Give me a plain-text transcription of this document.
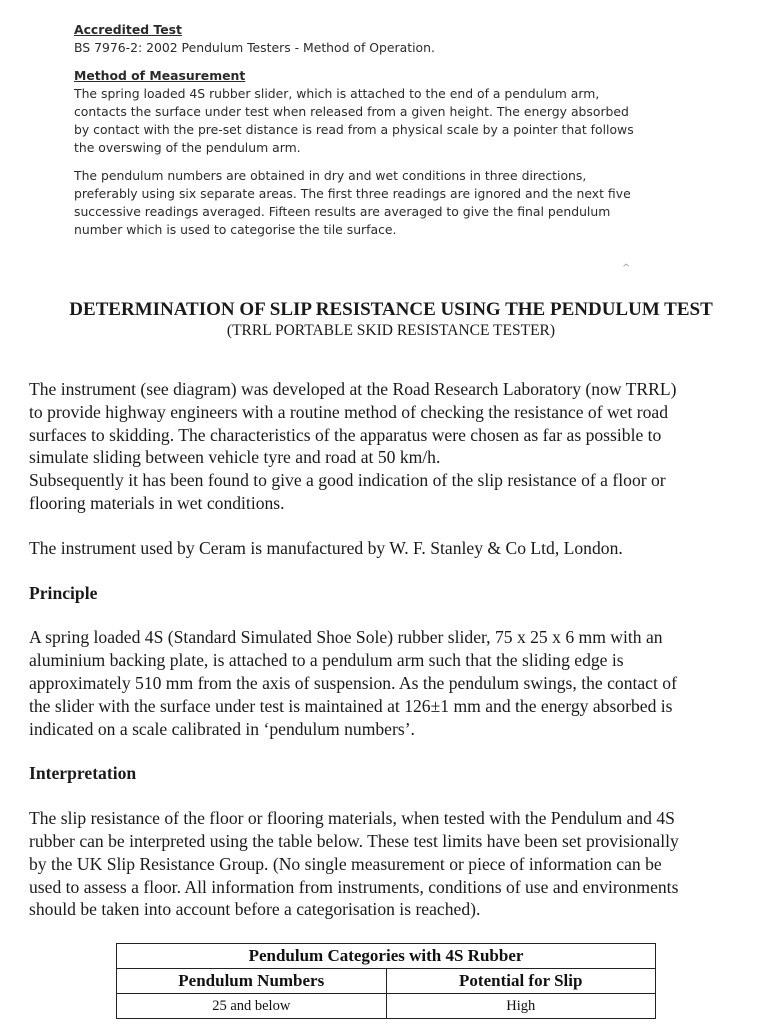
Accredited Test
BS 7976-2: 2002 Pendulum Testers - Method of Operation.
Method of Measurement
The spring loaded 4S rubber slider, which is attached to the end of a pendulum arm,
contacts the surface under test when released from a given height. The energy absorbed
by contact with the pre-set distance is read from a physical scale by a pointer that follows
the overswing of the pendulum arm.
The pendulum numbers are obtained in dry and wet conditions in three directions,
preferably using six separate areas. The first three readings are ignored and the next five
successive readings averaged. Fifteen results are averaged to give the final pendulum
number which is used to categorise the tile surface.
^
DETERMINATION OF SLIP RESISTANCE USING THE PENDULUM TEST
(TRRL PORTABLE SKID RESISTANCE TESTER)
The instrument (see diagram) was developed at the Road Research Laboratory (now TRRL)
to provide highway engineers with a routine method of checking the resistance of wet road
surfaces to skidding. The characteristics of the apparatus were chosen as far as possible to
simulate sliding between vehicle tyre and road at 50 km/h.
Subsequently it has been found to give a good indication of the slip resistance of a floor or
flooring materials in wet conditions.
The instrument used by Ceram is manufactured by W. F. Stanley & Co Ltd, London.
Principle
A spring loaded 4S (Standard Simulated Shoe Sole) rubber slider, 75 x 25 x 6 mm with an
aluminium backing plate, is attached to a pendulum arm such that the sliding edge is
approximately 510 mm from the axis of suspension. As the pendulum swings, the contact of
the slider with the surface under test is maintained at 126±1 mm and the energy absorbed is
indicated on a scale calibrated in ‘pendulum numbers’.
Interpretation
The slip resistance of the floor or flooring materials, when tested with the Pendulum and 4S
rubber can be interpreted using the table below. These test limits have been set provisionally
by the UK Slip Resistance Group. (No single measurement or piece of information can be
used to assess a floor. All information from instruments, conditions of use and environments
should be taken into account before a categorisation is reached).
Pendulum Categories with 4S Rubber	
Pendulum Numbers	Potential for Slip
25 and below	High
